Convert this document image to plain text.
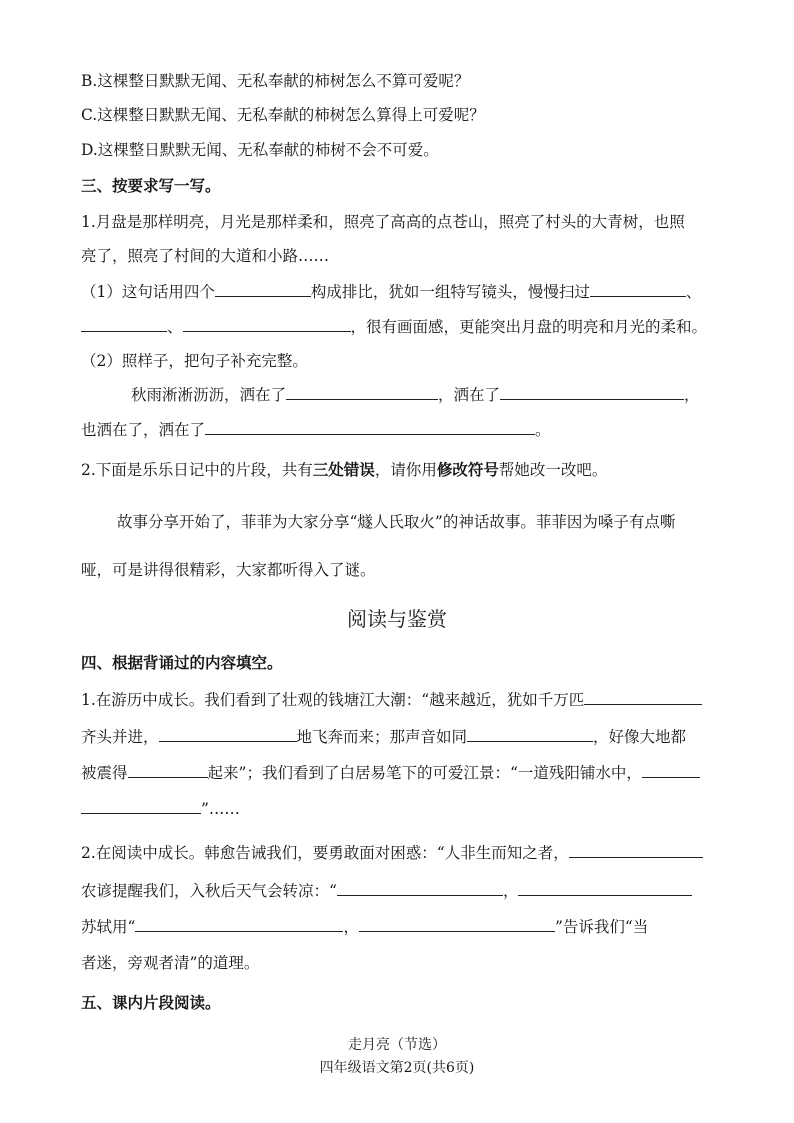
B.这棵整日默默无闻、无私奉献的柿树怎么不算可爱呢？
C.这棵整日默默无闻、无私奉献的柿树怎么算得上可爱呢？
D.这棵整日默默无闻、无私奉献的柿树不会不可爱。
三、按要求写一写。
1.月盘是那样明亮，月光是那样柔和，照亮了高高的点苍山，照亮了村头的大青树，也照
亮了，照亮了村间的大道和小路……
（1）这句话用四个	构成排比，犹如一组特写镜头，慢慢扫过	、
、	，很有画面感，更能突出月盘的明亮和月光的柔和。
（2）照样子，把句子补充完整。
秋雨淅淅沥沥，洒在了	，洒在了	，
也洒在了，洒在了	。
2.下面是乐乐日记中的片段，共有三处错误，请你用修改符号帮她改一改吧。
故事分享开始了，菲菲为大家分享“燧人氏取火”的神话故事。菲菲因为嗓子有点嘶
哑，可是讲得很精彩，大家都听得入了谜。
阅读与鉴赏
四、根据背诵过的内容填空。
1.在游历中成长。我们看到了壮观的钱塘江大潮：“越来越近，犹如千万匹
齐头并进，	地飞奔而来；那声音如同	，好像大地都
被震得	起来”；我们看到了白居易笔下的可爱江景：“一道残阳铺水中，
”……
2.在阅读中成长。韩愈告诫我们，要勇敢面对困惑：“人非生而知之者，
农谚提醒我们，入秋后天气会转凉：“	，
苏轼用“	，	”告诉我们“当
者迷，旁观者清”的道理。
五、课内片段阅读。
走月亮（节选）
四年级语文第2页(共6页)
